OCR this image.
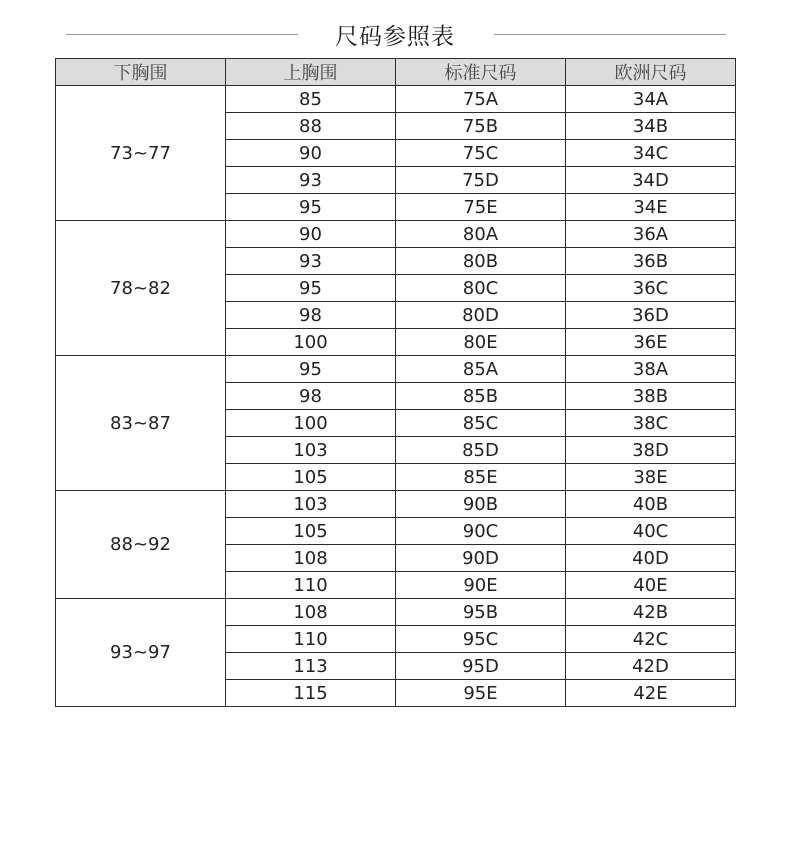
尺码参照表
下胸围	上胸围	标准尺码	欧洲尺码
73~77	85	75A	34A
	88	75B	34B
	90	75C	34C
	93	75D	34D
	95	75E	34E
78~82	90	80A	36A
	93	80B	36B
	95	80C	36C
	98	80D	36D
	100	80E	36E
83~87	95	85A	38A
	98	85B	38B
	100	85C	38C
	103	85D	38D
	105	85E	38E
88~92	103	90B	40B
	105	90C	40C
	108	90D	40D
	110	90E	40E
93~97	108	95B	42B
	110	95C	42C
	113	95D	42D
	115	95E	42E
